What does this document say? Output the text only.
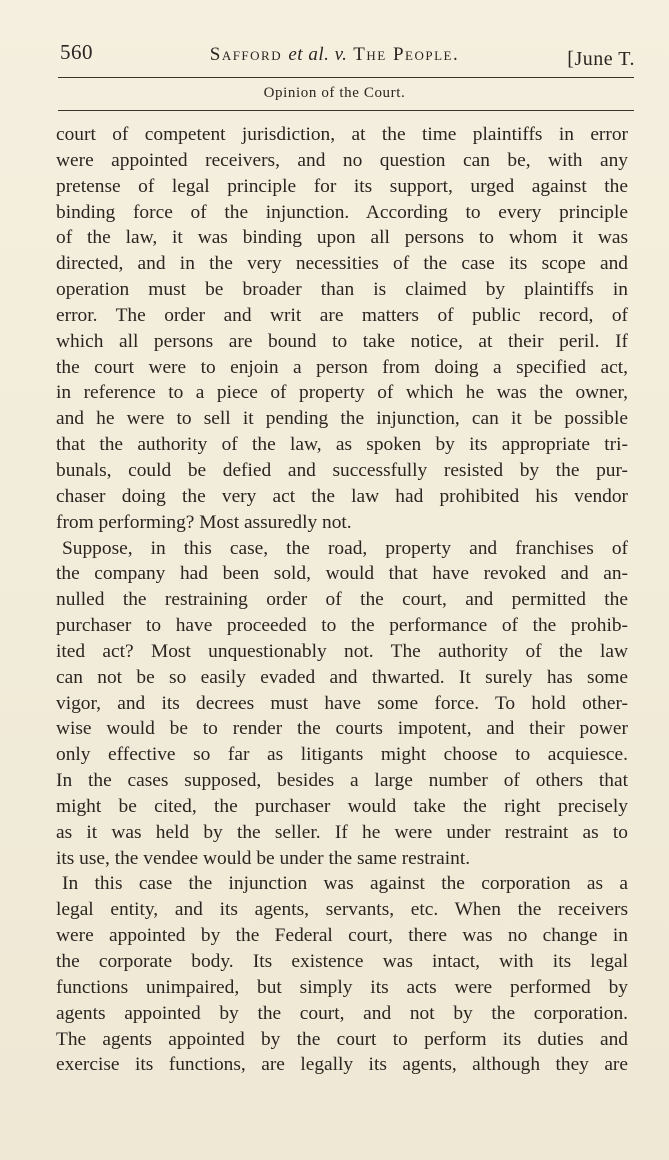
560	Safford et al. v. The People.	[June T.
Opinion of the Court.
court of competent jurisdiction, at the time plaintiffs in error
were appointed receivers, and no question can be, with any
pretense of legal principle for its support, urged against the
binding force of the injunction. According to every principle
of the law, it was binding upon all persons to whom it was
directed, and in the very necessities of the case its scope and
operation must be broader than is claimed by plaintiffs in
error. The order and writ are matters of public record, of
which all persons are bound to take notice, at their peril. If
the court were to enjoin a person from doing a specified act,
in reference to a piece of property of which he was the owner,
and he were to sell it pending the injunction, can it be possible
that the authority of the law, as spoken by its appropriate tri-
bunals, could be defied and successfully resisted by the pur-
chaser doing the very act the law had prohibited his vendor
from performing? Most assuredly not.
Suppose, in this case, the road, property and franchises of
the company had been sold, would that have revoked and an-
nulled the restraining order of the court, and permitted the
purchaser to have proceeded to the performance of the prohib-
ited act? Most unquestionably not. The authority of the law
can not be so easily evaded and thwarted. It surely has some
vigor, and its decrees must have some force. To hold other-
wise would be to render the courts impotent, and their power
only effective so far as litigants might choose to acquiesce.
In the cases supposed, besides a large number of others that
might be cited, the purchaser would take the right precisely
as it was held by the seller. If he were under restraint as to
its use, the vendee would be under the same restraint.
In this case the injunction was against the corporation as a
legal entity, and its agents, servants, etc. When the receivers
were appointed by the Federal court, there was no change in
the corporate body. Its existence was intact, with its legal
functions unimpaired, but simply its acts were performed by
agents appointed by the court, and not by the corporation.
The agents appointed by the court to perform its duties and
exercise its functions, are legally its agents, although they are
